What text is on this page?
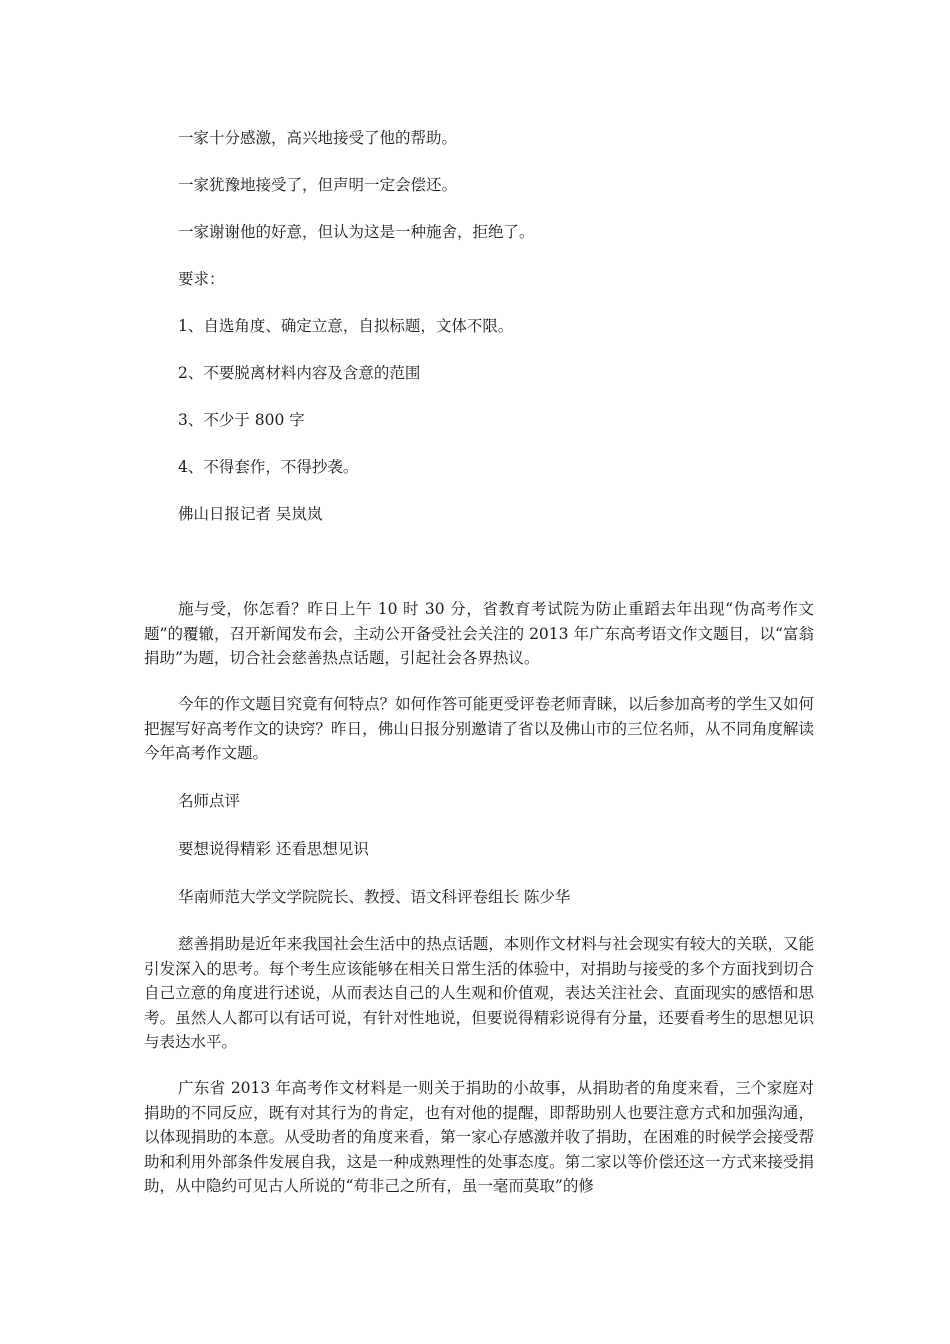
一家十分感激，高兴地接受了他的帮助。

一家犹豫地接受了，但声明一定会偿还。

一家谢谢他的好意，但认为这是一种施舍，拒绝了。

要求：

1、自选角度、确定立意，自拟标题，文体不限。

2、不要脱离材料内容及含意的范围

3、不少于 800 字

4、不得套作，不得抄袭。

佛山日报记者 吴岚岚

施与受，你怎看？昨日上午 10 时 30 分，省教育考试院为防止重蹈去年出现“伪高考作文题”的覆辙，召开新闻发布会，主动公开备受社会关注的 2013 年广东高考语文作文题目，以“富翁捐助”为题，切合社会慈善热点话题，引起社会各界热议。

今年的作文题目究竟有何特点？如何作答可能更受评卷老师青睐，以后参加高考的学生又如何把握写好高考作文的诀窍？昨日，佛山日报分别邀请了省以及佛山市的三位名师，从不同角度解读今年高考作文题。

名师点评

要想说得精彩 还看思想见识

华南师范大学文学院院长、教授、语文科评卷组长 陈少华

慈善捐助是近年来我国社会生活中的热点话题，本则作文材料与社会现实有较大的关联，又能引发深入的思考。每个考生应该能够在相关日常生活的体验中，对捐助与接受的多个方面找到切合自己立意的角度进行述说，从而表达自己的人生观和价值观，表达关注社会、直面现实的感悟和思考。虽然人人都可以有话可说，有针对性地说，但要说得精彩说得有分量，还要看考生的思想见识与表达水平。

广东省 2013 年高考作文材料是一则关于捐助的小故事，从捐助者的角度来看，三个家庭对捐助的不同反应，既有对其行为的肯定，也有对他的提醒，即帮助别人也要注意方式和加强沟通，以体现捐助的本意。从受助者的角度来看，第一家心存感激并收了捐助，在困难的时候学会接受帮助和利用外部条件发展自我，这是一种成熟理性的处事态度。第二家以等价偿还这一方式来接受捐助，从中隐约可见古人所说的“苟非己之所有，虽一毫而莫取”的修
